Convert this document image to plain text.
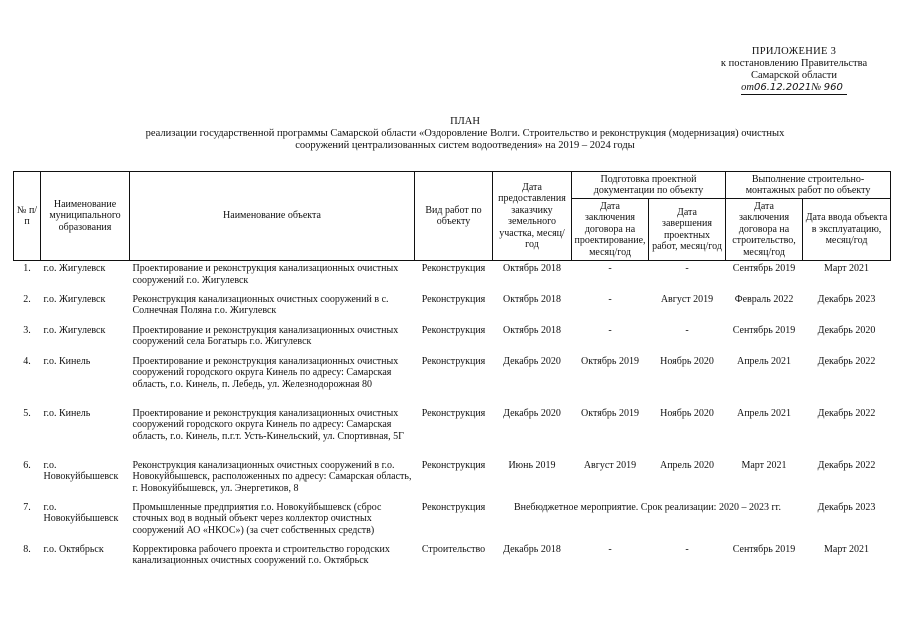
ПРИЛОЖЕНИЕ 3
к постановлению Правительства
Самарской области
от06.12.2021№ 960
ПЛАН
реализации государственной программы Самарской области «Оздоровление Волги. Строительство и реконструкция (модернизация) очистных
сооружений централизованных систем водоотведения» на 2019 – 2024 годы
№ п/п	Наименование муниципального образования	Наименование объекта	Вид работ по объекту	Дата предоставления заказчику земельного участка, месяц/год	Подготовка проектной документации по объекту		Выполнение строительно-монтажных работ по объекту	
					Дата заключения договора на проектирование, месяц/год	Дата завершения проектных работ, месяц/год	Дата заключения договора на строительство, месяц/год	Дата ввода объекта в эксплуатацию, месяц/год
1.	г.о. Жигулевск	Проектирование и реконструкция канализационных очистных сооружений г.о. Жигулевск	Реконструкция	Октябрь 2018	-	-	Сентябрь 2019	Март 2021
2.	г.о. Жигулевск	Реконструкция канализационных очистных сооружений в с. Солнечная Поляна г.о. Жигулевск	Реконструкция	Октябрь 2018	-	Август 2019	Февраль 2022	Декабрь 2023
3.	г.о. Жигулевск	Проектирование и реконструкция канализационных очистных сооружений села Богатырь г.о. Жигулевск	Реконструкция	Октябрь 2018	-	-	Сентябрь 2019	Декабрь 2020
4.	г.о. Кинель	Проектирование и реконструкция канализационных очистных сооружений городского округа Кинель по адресу: Самарская область, г.о. Кинель, п. Лебедь, ул. Железнодорожная 80	Реконструкция	Декабрь 2020	Октябрь 2019	Ноябрь 2020	Апрель 2021	Декабрь 2022
5.	г.о. Кинель	Проектирование и реконструкция канализационных очистных сооружений городского округа Кинель по адресу: Самарская область, г.о. Кинель, п.г.т. Усть-Кинельский, ул. Спортивная, 5Г	Реконструкция	Декабрь 2020	Октябрь 2019	Ноябрь 2020	Апрель 2021	Декабрь 2022
6.	г.о. Новокуйбышевск	Реконструкция канализационных очистных сооружений в г.о. Новокуйбышевск, расположенных по адресу: Самарская область, г. Новокуйбышевск, ул. Энергетиков, 8	Реконструкция	Июнь 2019	Август 2019	Апрель 2020	Март 2021	Декабрь 2022
7.	г.о. Новокуйбышевск	Промышленные предприятия г.о. Новокуйбышевск (сброс сточных вод в водный объект через коллектор очистных сооружений АО «НКОС») (за счет собственных средств)	Реконструкция	Внебюджетное мероприятие. Срок реализации: 2020 – 2023 гг.				Декабрь 2023
8.	г.о. Октябрьск	Корректировка рабочего проекта и строительство городских канализационных очистных сооружений г.о. Октябрьск	Строительство	Декабрь 2018	-	-	Сентябрь 2019	Март 2021
